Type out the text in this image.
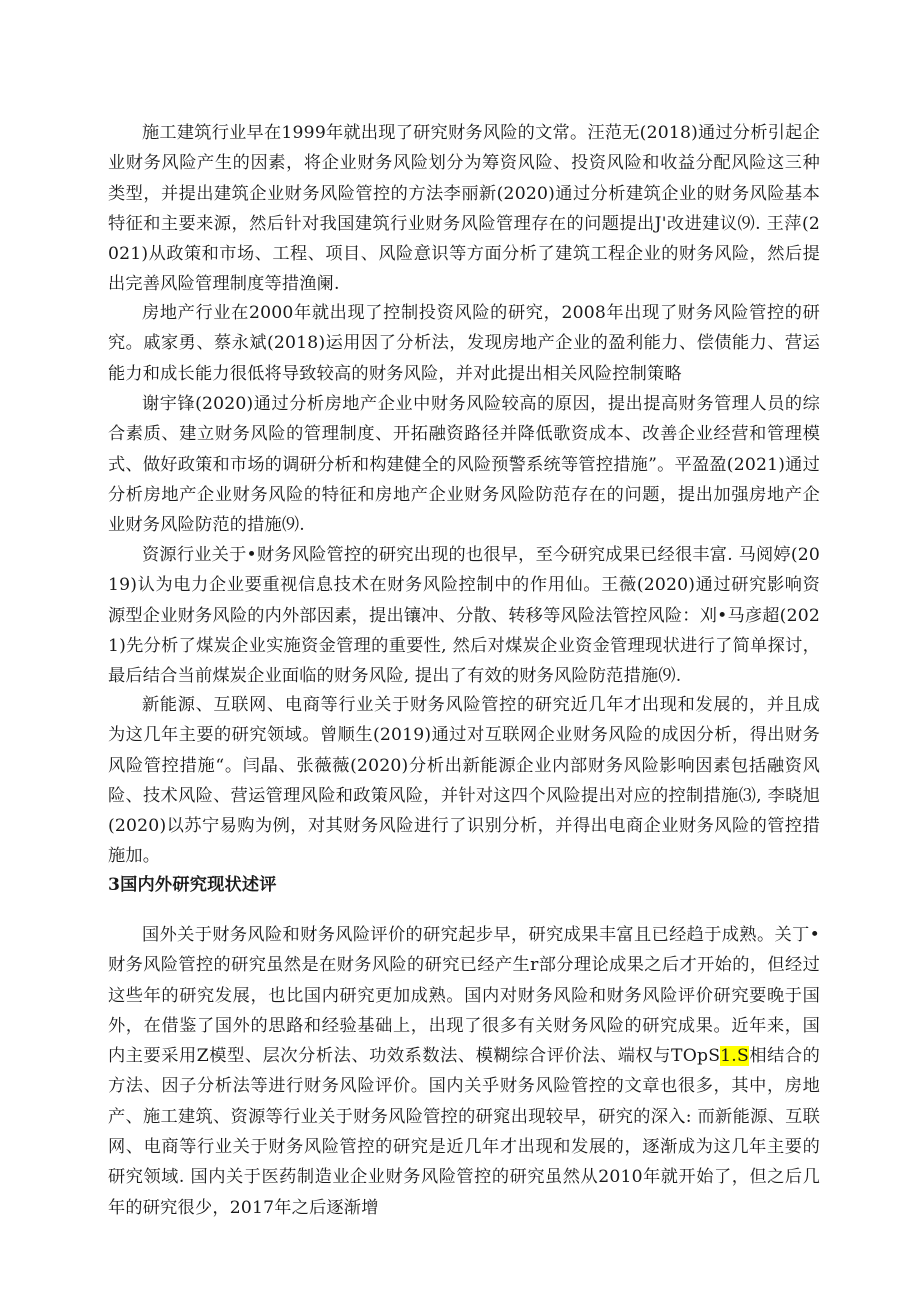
施工建筑行业早在1999年就出现了研究财务风险的文常。汪范无(2018)通过分析引起企业财务风险产生的因素，将企业财务风险划分为筹资风险、投资风险和收益分配风险这三种类型，并提出建筑企业财务风险管控的方法李丽新(2020)通过分析建筑企业的财务风险基本特征和主要来源，然后针对我国建筑行业财务风险管理存在的问题提出J'改进建议⑼. 王萍(2021)从政策和市场、工程、项目、风险意识等方面分析了建筑工程企业的财务风险，然后提出完善风险管理制度等措渔阑.

房地产行业在2000年就出现了控制投资风险的研究，2008年出现了财务风险管控的研究。戚家勇、蔡永斌(2018)运用因了分析法，发现房地产企业的盈利能力、偿债能力、营运能力和成长能力很低将导致较高的财务风险，并对此提出相关风险控制策略

谢宇锋(2020)通过分析房地产企业中财务风险较高的原因，提出提高财务管理人员的综合素质、建立财务风险的管理制度、开拓融资路径并降低歌资成本、改善企业经营和管理模式、做好政策和市场的调研分析和构建健全的风险预警系统等管控措施”。平盈盈(2021)通过分析房地产企业财务风险的特征和房地产企业财务风险防范存在的问题，提出加强房地产企业财务风险防范的措施⑼.

资源行业关于•财务风险管控的研究出现的也很早，至今研究成果已经很丰富. 马阅婷(2019)认为电力企业要重视信息技术在财务风险控制中的作用仙。王薇(2020)通过研究影响资源型企业财务风险的内外部因素，提出镶冲、分散、转移等风险法管控风险：刈•马彦超(2021)先分析了煤炭企业实施资金管理的重要性, 然后对煤炭企业资金管理现状进行了简单探讨，最后结合当前煤炭企业面临的财务风险, 提出了有效的财务风险防范措施⑼.

新能源、互联网、电商等行业关于财务风险管控的研究近几年才出现和发展的，并且成为这几年主要的研究领域。曾顺生(2019)通过对互联网企业财务风险的成因分析，得出财务风险管控措施“。闫晶、张薇薇(2020)分析出新能源企业内部财务风险影响因素包括融资风险、技术风险、营运管理风险和政策风险，并针对这四个风险提出对应的控制措施⑶, 李晓旭(2020)以苏宁易购为例，对其财务风险进行了识别分析，并得出电商企业财务风险的管控措施加。

3国内外研究现状述评

国外关于财务风险和财务风险评价的研究起步早，研究成果丰富且已经趋于成熟。关丁•财务风险管控的研究虽然是在财务风险的研究已经产生r部分理论成果之后才开始的，但经过这些年的研究发展，也比国内研究更加成熟。国内对财务风险和财务风险评价研究要晚于国外，在借鉴了国外的思路和经验基础上，出现了很多有关财务风险的研究成果。近年来，国内主要采用Z模型、层次分析法、功效系数法、模糊综合评价法、端权与TOpS1.S相结合的方法、因子分析法等进行财务风险评价。国内关乎财务风险管控的文章也很多，其中，房地产、施工建筑、资源等行业关于财务风险管控的研窕出现较早，研究的深入: 而新能源、互联网、电商等行业关于财务风险管控的研究是近几年才出现和发展的，逐渐成为这几年主要的研究领域. 国内关于医药制造业企业财务风险管控的研究虽然从2010年就开始了，但之后几年的研究很少，2017年之后逐渐增
